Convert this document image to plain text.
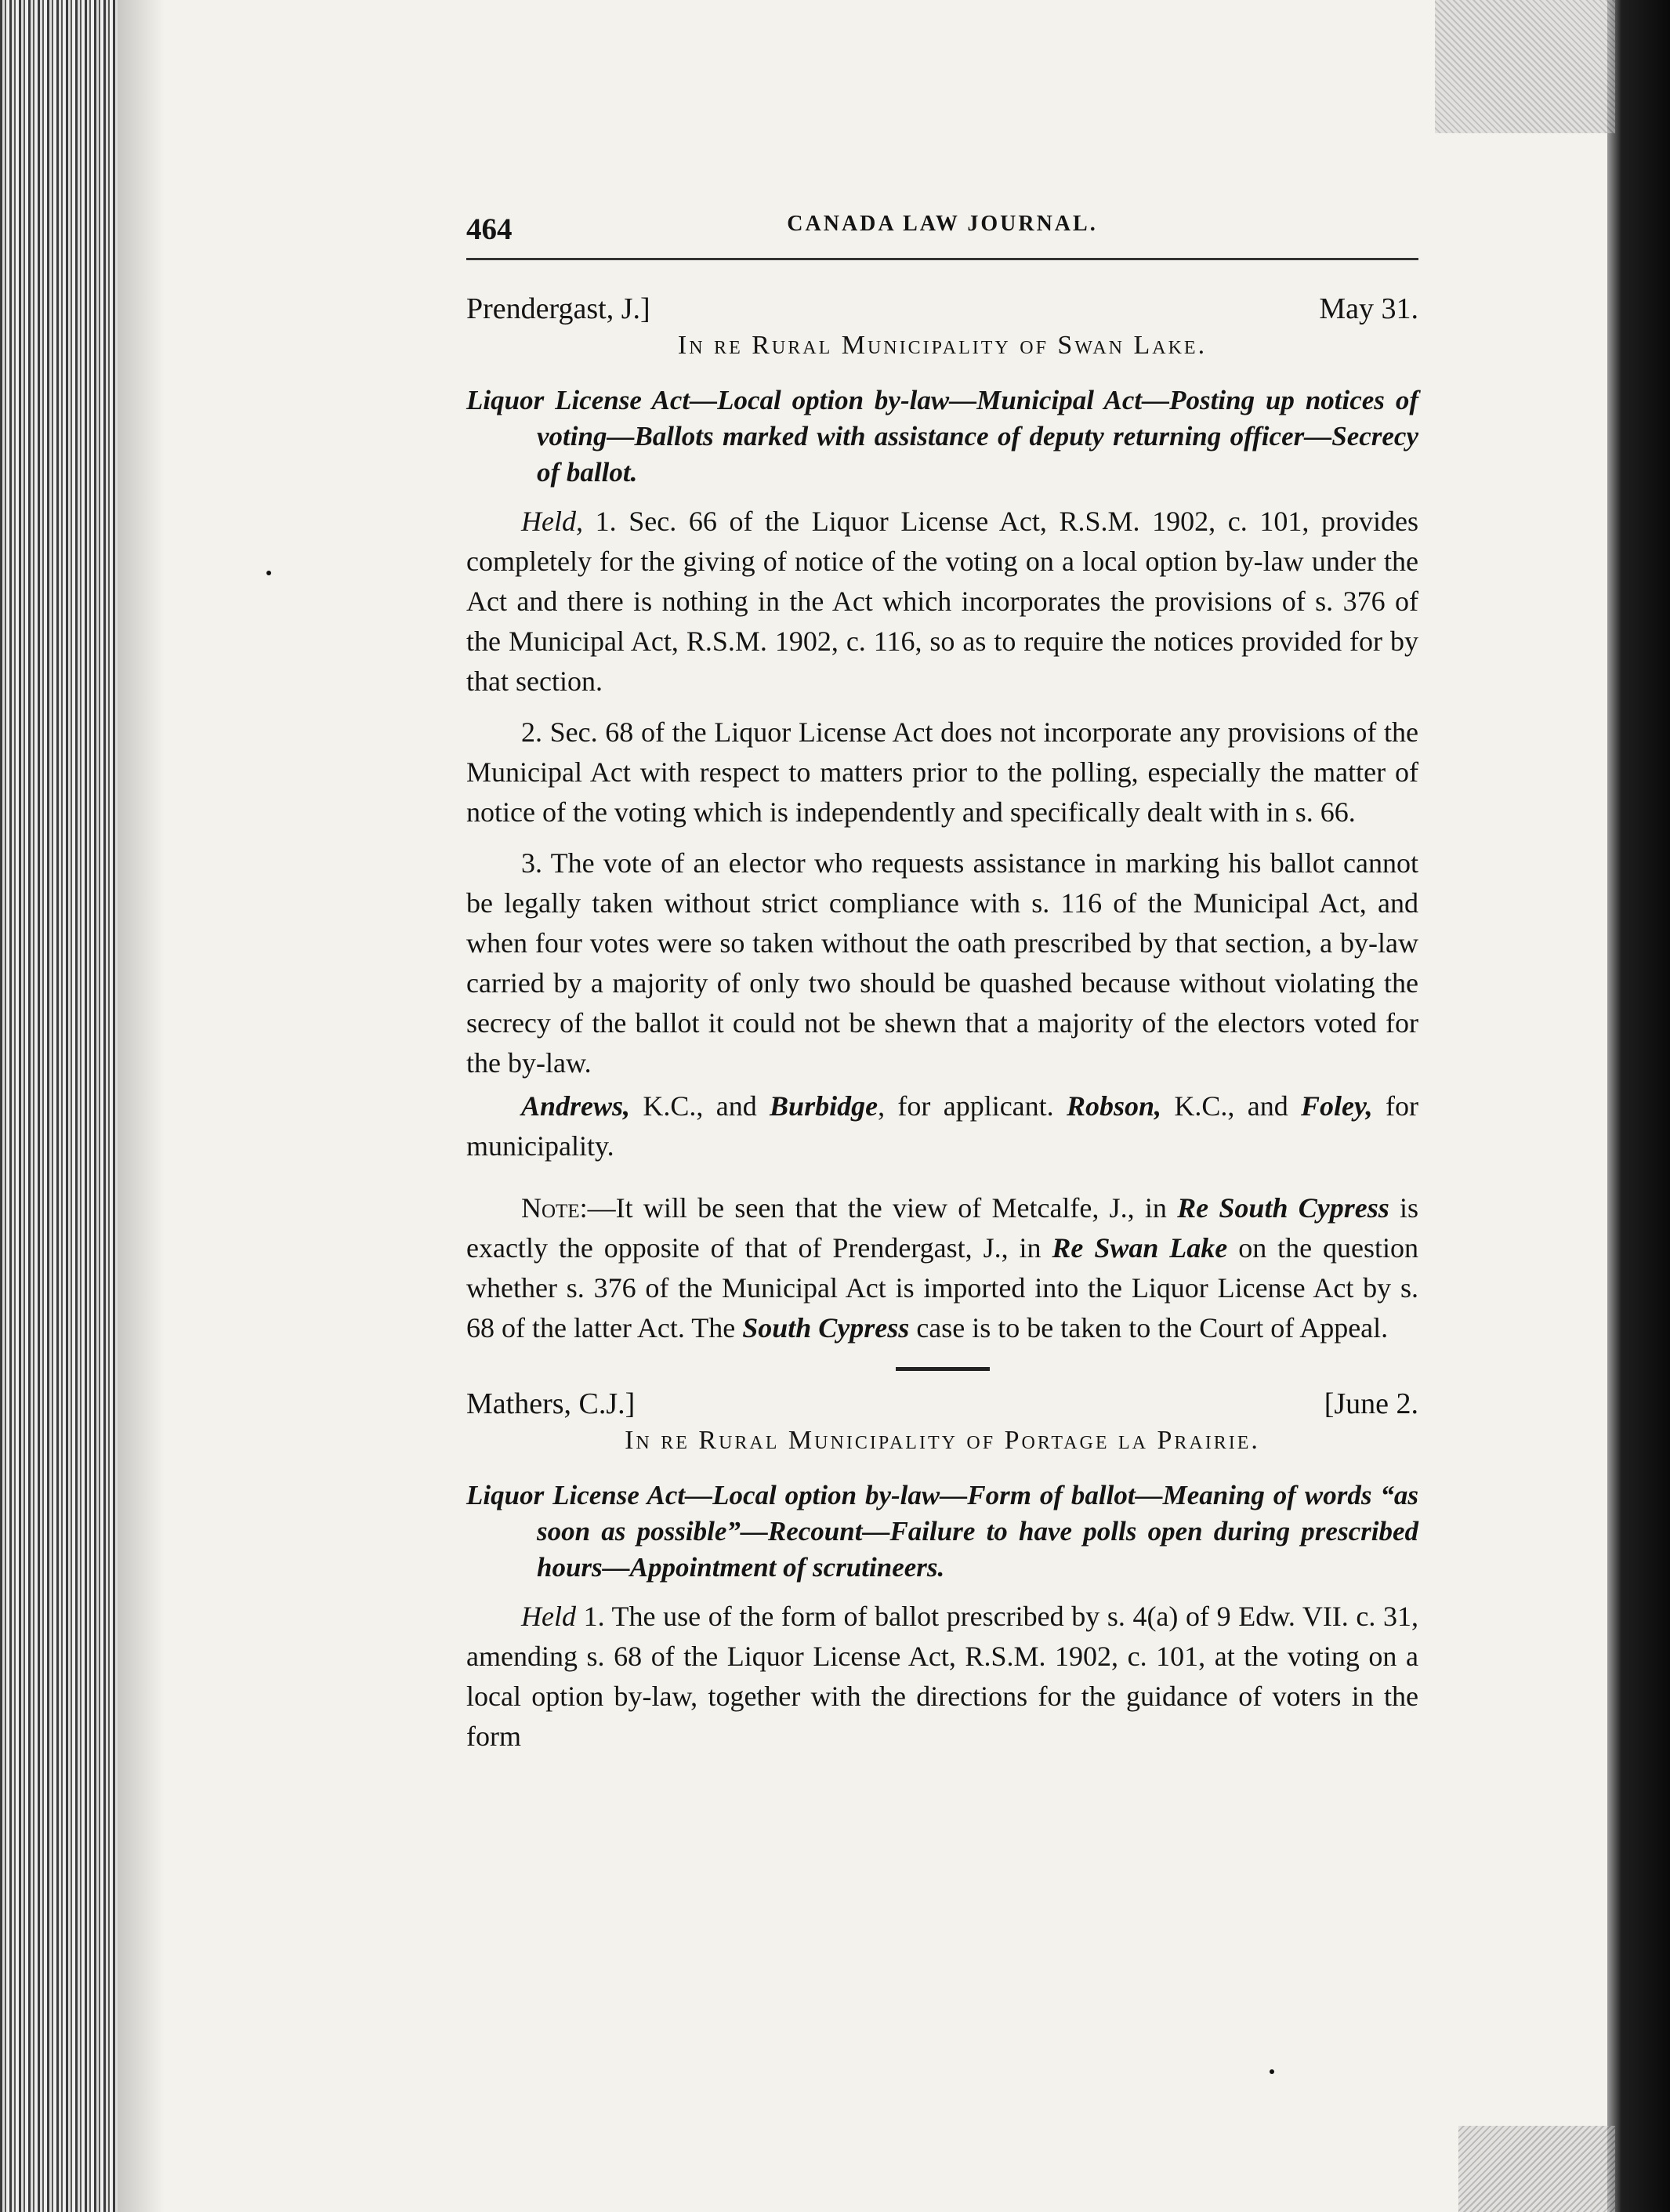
464	CANADA LAW JOURNAL.
Prendergast, J.]	May 31.
In re Rural Municipality of Swan Lake.
Liquor License Act—Local option by-law—Municipal Act—Posting up notices of voting—Ballots marked with assistance of deputy returning officer—Secrecy of ballot.

Held, 1. Sec. 66 of the Liquor License Act, R.S.M. 1902, c. 101, provides completely for the giving of notice of the voting on a local option by-law under the Act and there is nothing in the Act which incorporates the provisions of s. 376 of the Municipal Act, R.S.M. 1902, c. 116, so as to require the notices provided for by that section.

2. Sec. 68 of the Liquor License Act does not incorporate any provisions of the Municipal Act with respect to matters prior to the polling, especially the matter of notice of the voting which is independently and specifically dealt with in s. 66.

3. The vote of an elector who requests assistance in marking his ballot cannot be legally taken without strict compliance with s. 116 of the Municipal Act, and when four votes were so taken without the oath prescribed by that section, a by-law carried by a majority of only two should be quashed because without violating the secrecy of the ballot it could not be shewn that a majority of the electors voted for the by-law.

Andrews, K.C., and Burbidge, for applicant. Robson, K.C., and Foley, for municipality.
Note:—It will be seen that the view of Metcalfe, J., in Re South Cypress is exactly the opposite of that of Prendergast, J., in Re Swan Lake on the question whether s. 376 of the Municipal Act is imported into the Liquor License Act by s. 68 of the latter Act. The South Cypress case is to be taken to the Court of Appeal.
Mathers, C.J.]	[June 2.
In re Rural Municipality of Portage la Prairie.
Liquor License Act—Local option by-law—Form of ballot—Meaning of words “as soon as possible”—Recount—Failure to have polls open during prescribed hours—Appointment of scrutineers.

Held 1. The use of the form of ballot prescribed by s. 4(a) of 9 Edw. VII. c. 31, amending s. 68 of the Liquor License Act, R.S.M. 1902, c. 101, at the voting on a local option by-law, together with the directions for the guidance of voters in the form
